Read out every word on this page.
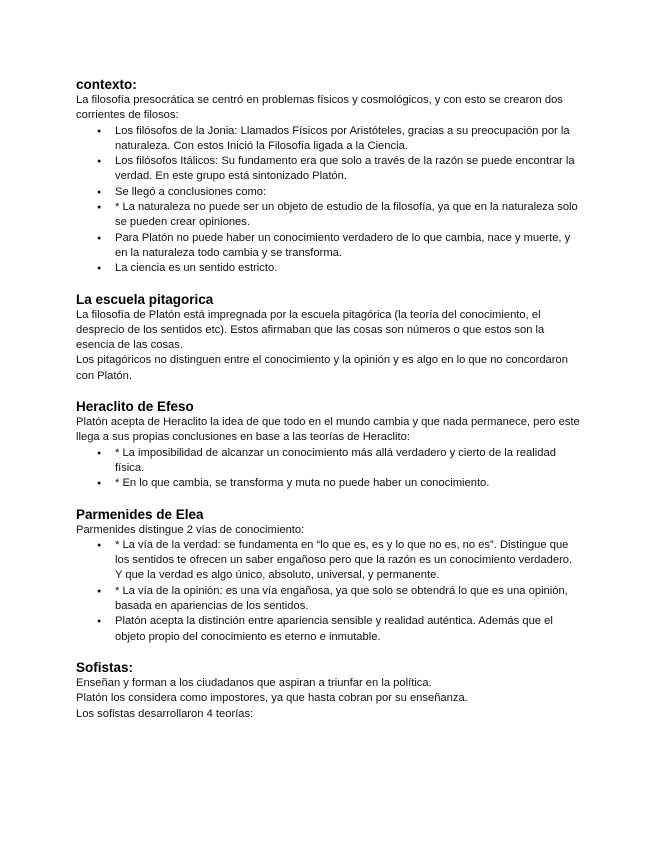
contexto:

La filosofía presocrática se centró en problemas físicos y cosmológicos, y con esto se crearon dos corrientes de filosos:

● Los filósofos de la Jonia: Llamados Físicos por Aristóteles, gracias a su preocupación por la naturaleza. Con estos Inició la Filosofía ligada a la Ciencia.
● Los filósofos Itálicos: Su fundamento era que solo a través de la razón se puede encontrar la verdad. En este grupo está sintonizado Platón.
● Se llegó a conclusiones como:
● * La naturaleza no puede ser un objeto de estudio de la filosofía, ya que en la naturaleza solo se pueden crear opiniones.
● Para Platón no puede haber un conocimiento verdadero de lo que cambia, nace y muerte, y en la naturaleza todo cambia y se transforma.
● La ciencia es un sentido estricto.
La escuela pitagorica

La filosofía de Platón está impregnada por la escuela pitagórica (la teoría del conocimiento, el desprecio de los sentidos etc). Estos afirmaban que las cosas son números o que estos son la esencia de las cosas.

Los pitagóricos no distinguen entre el conocimiento y la opinión y es algo en lo que no concordaron con Platón.

Heraclito de Efeso

Platón acepta de Heraclito la idea de que todo en el mundo cambia y que nada permanece, pero este llega a sus propias conclusiones en base a las teorías de Heraclito:

● * La imposibilidad de alcanzar un conocimiento más allá verdadero y cierto de la realidad física.
● * En lo que cambia, se transforma y muta no puede haber un conocimiento.
Parmenides de Elea

Parmenides distingue 2 vías de conocimiento:

● * La vía de la verdad: se fundamenta en “lo que es, es y lo que no es, no es”. Distingue que los sentidos te ofrecen un saber engañoso pero que la razón es un conocimiento verdadero. Y que la verdad es algo único, absoluto, universal, y permanente.
● * La vía de la opinión: es una vía engañosa, ya que solo se obtendrá lo que es una opinión, basada en apariencias de los sentidos.
● Platón acepta la distinción entre apariencia sensible y realidad auténtica. Además que el objeto propio del conocimiento es eterno e inmutable.
Sofistas:

Enseñan y forman a los ciudadanos que aspiran a triunfar en la política.

Platón los considera como impostores, ya que hasta cobran por su enseñanza.

Los sofistas desarrollaron 4 teorías:
